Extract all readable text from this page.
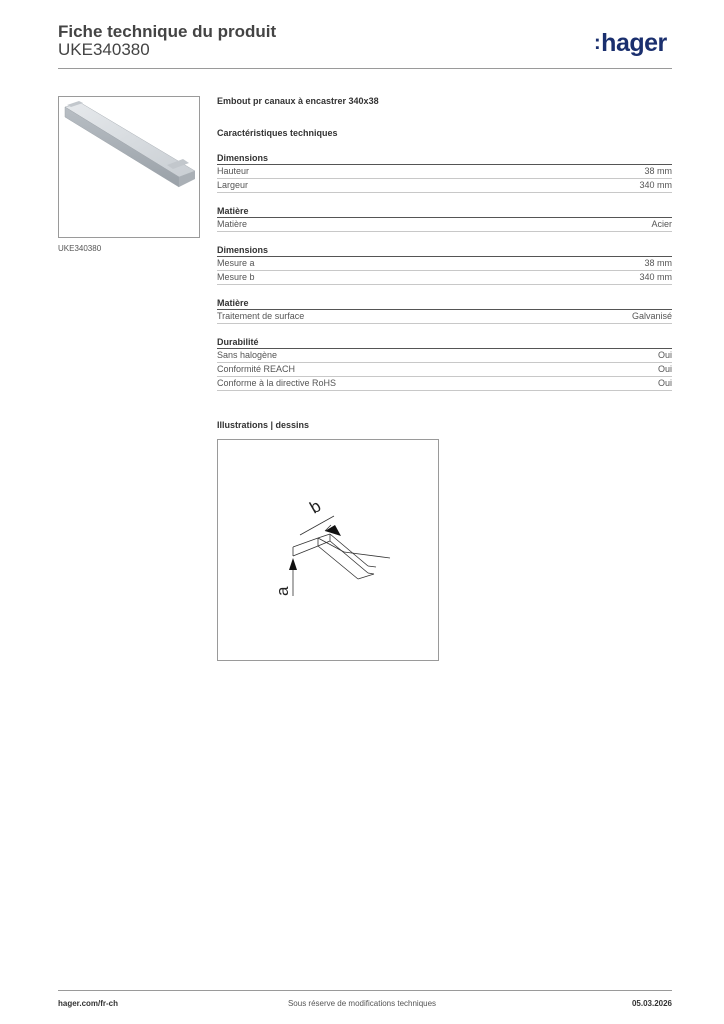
Fiche technique du produit
UKE340380	:hager
UKE340380
Embout pr canaux à encastrer 340x38
Caractéristiques techniques
Dimensions
Hauteur	38 mm
Largeur	340 mm
Matière
Matière	Acier
Dimensions
Mesure a	38 mm
Mesure b	340 mm
Matière
Traitement de surface	Galvanisé
Durabilité
Sans halogène	Oui
Conformité REACH	Oui
Conforme à la directive RoHS	Oui
Illustrations | dessins
b
a
hager.com/fr-ch	Sous réserve de modifications techniques	05.03.2026
